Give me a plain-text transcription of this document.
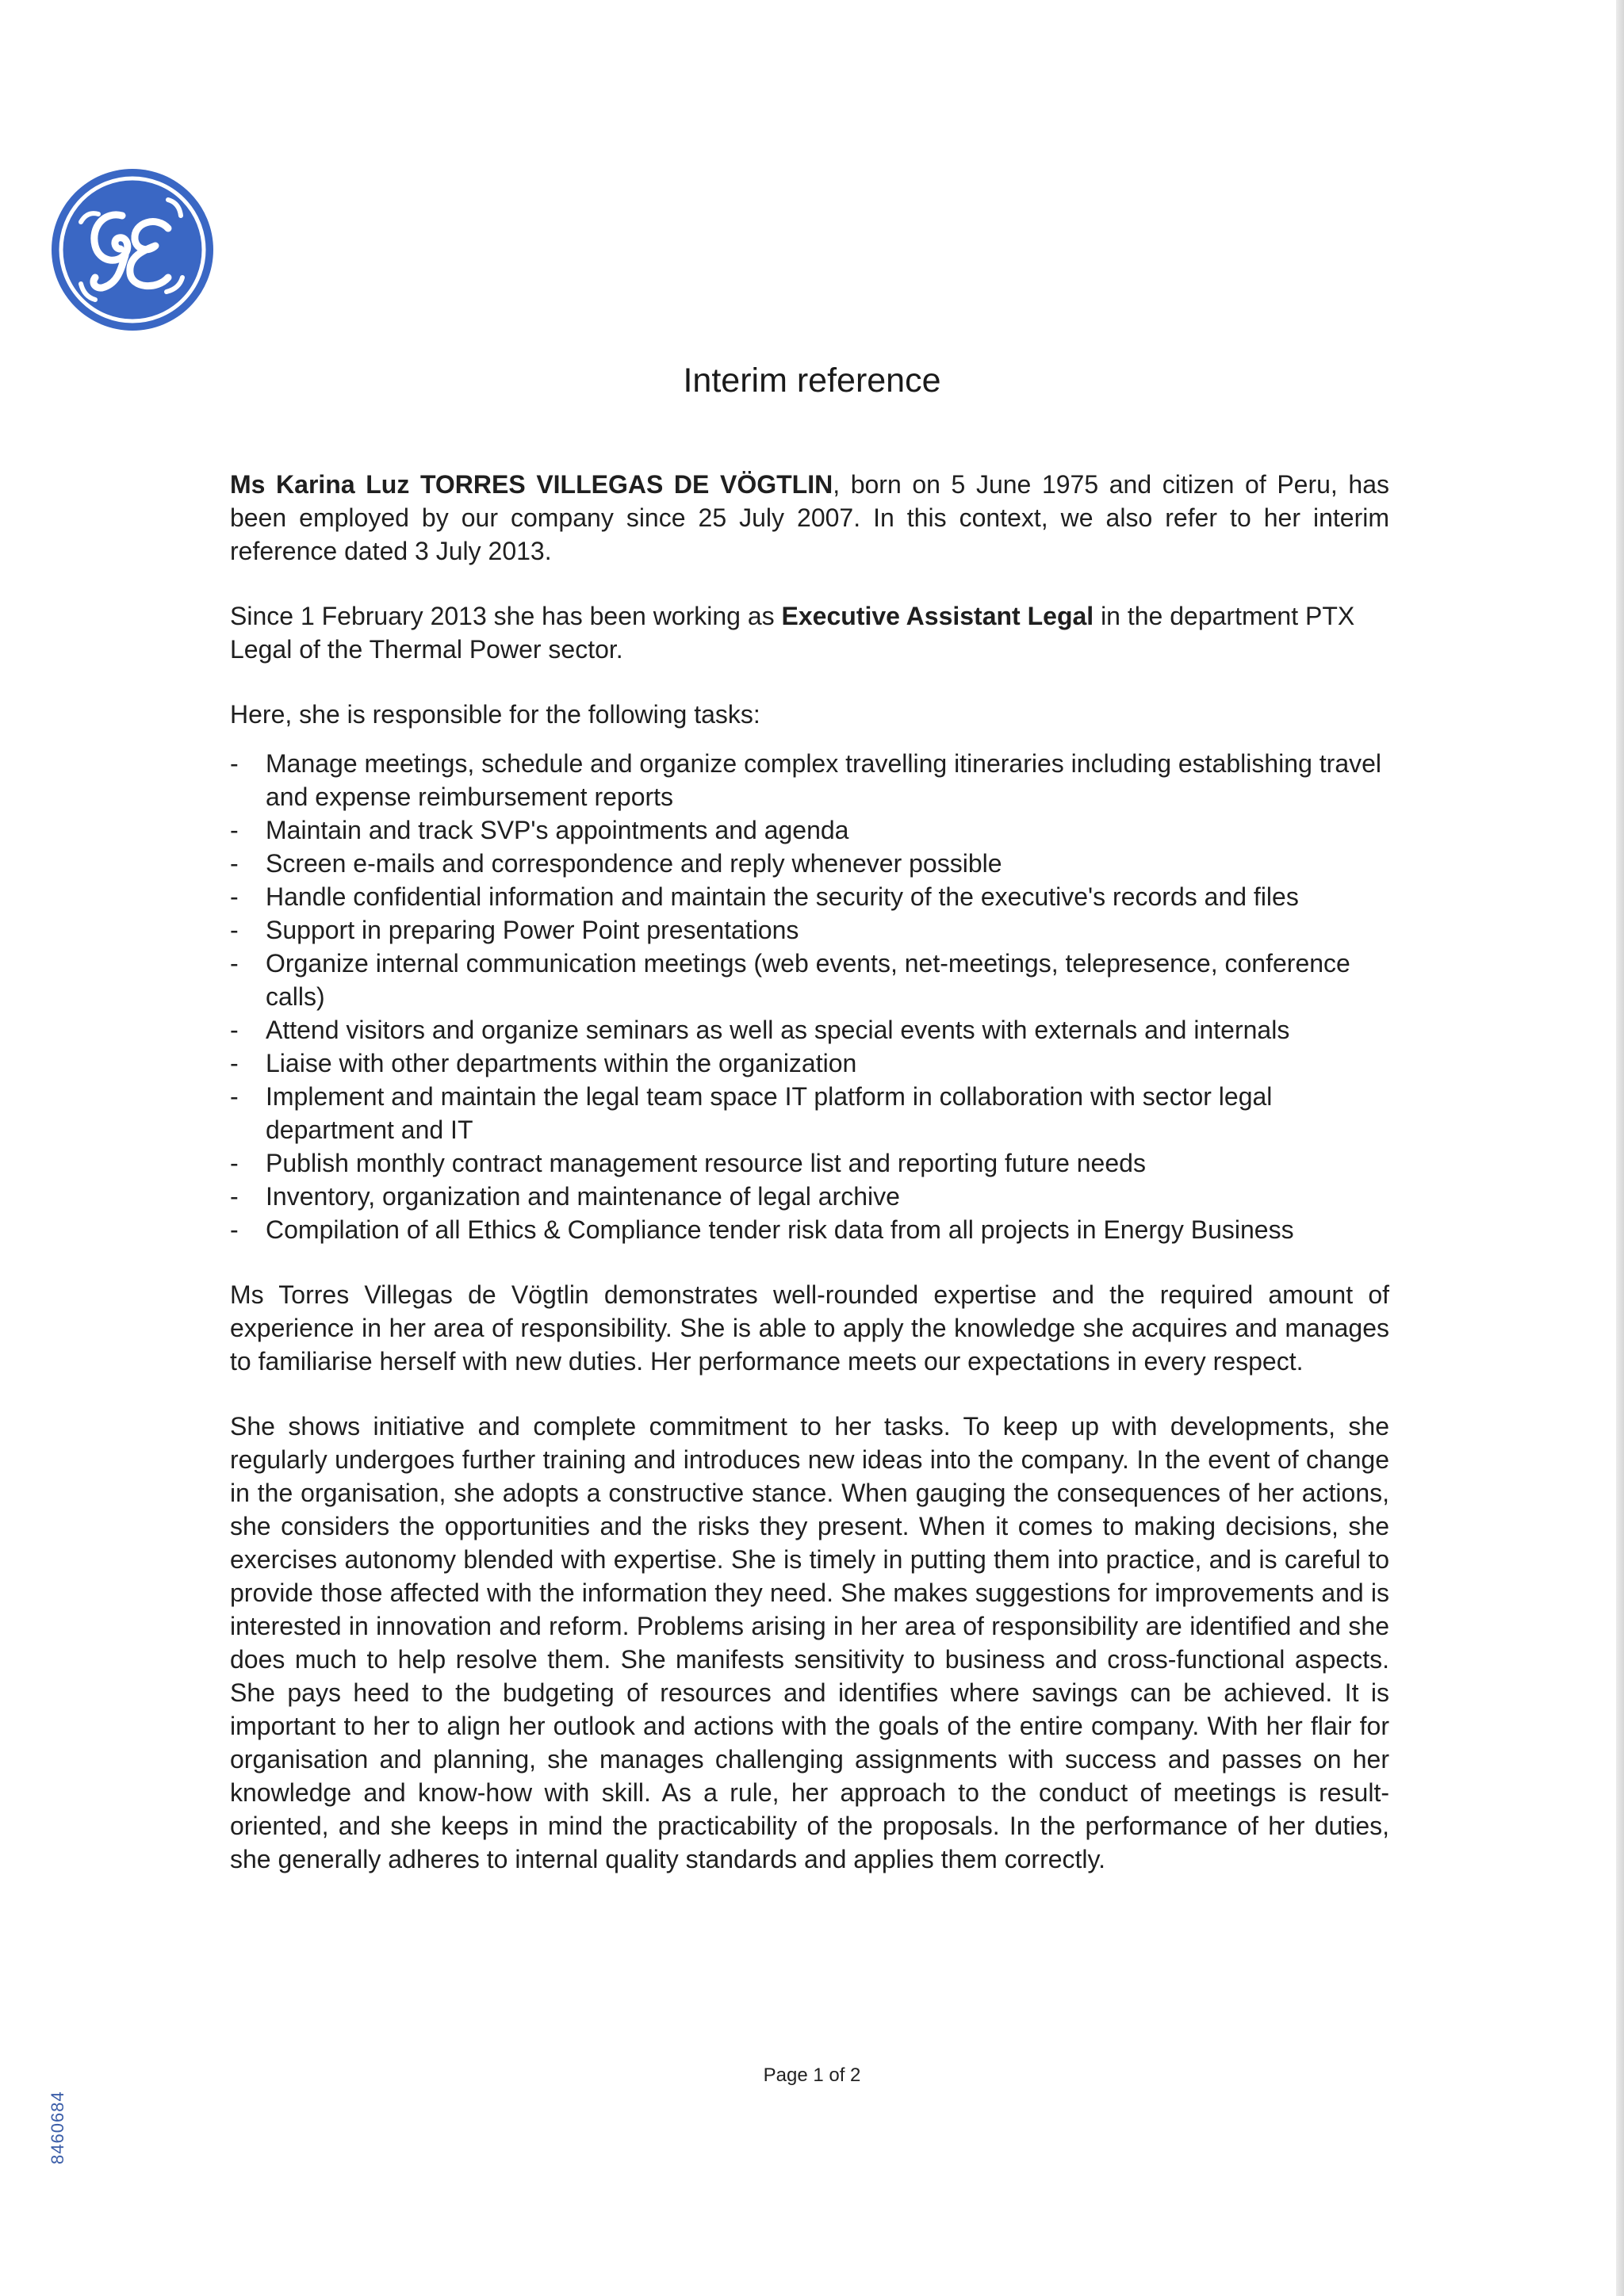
Interim reference

Ms Karina Luz TORRES VILLEGAS DE VÖGTLIN, born on 5 June 1975 and citizen of Peru, has been employed by our company since 25 July 2007. In this context, we also refer to her interim reference dated 3 July 2013.

Since 1 February 2013 she has been working as Executive Assistant Legal in the department PTX Legal of the Thermal Power sector.

Here, she is responsible for the following tasks:

- Manage meetings, schedule and organize complex travelling itineraries including establishing travel and expense reimbursement reports
- Maintain and track SVP's appointments and agenda
- Screen e-mails and correspondence and reply whenever possible
- Handle confidential information and maintain the security of the executive's records and files
- Support in preparing Power Point presentations
- Organize internal communication meetings (web events, net-meetings, telepresence, conference calls)
- Attend visitors and organize seminars as well as special events with externals and internals
- Liaise with other departments within the organization
- Implement and maintain the legal team space IT platform in collaboration with sector legal department and IT
- Publish monthly contract management resource list and reporting future needs
- Inventory, organization and maintenance of legal archive
- Compilation of all Ethics & Compliance tender risk data from all projects in Energy Business

Ms Torres Villegas de Vögtlin demonstrates well-rounded expertise and the required amount of experience in her area of responsibility. She is able to apply the knowledge she acquires and manages to familiarise herself with new duties. Her performance meets our expectations in every respect.

She shows initiative and complete commitment to her tasks. To keep up with developments, she regularly undergoes further training and introduces new ideas into the company. In the event of change in the organisation, she adopts a constructive stance. When gauging the consequences of her actions, she considers the opportunities and the risks they present. When it comes to making decisions, she exercises autonomy blended with expertise. She is timely in putting them into practice, and is careful to provide those affected with the information they need. She makes suggestions for improvements and is interested in innovation and reform. Problems arising in her area of responsibility are identified and she does much to help resolve them. She manifests sensitivity to business and cross-functional aspects. She pays heed to the budgeting of resources and identifies where savings can be achieved. It is important to her to align her outlook and actions with the goals of the entire company. With her flair for organisation and planning, she manages challenging assignments with success and passes on her knowledge and know-how with skill. As a rule, her approach to the conduct of meetings is result-oriented, and she keeps in mind the practicability of the proposals. In the performance of her duties, she generally adheres to internal quality standards and applies them correctly.

Page 1 of 2
8460684
